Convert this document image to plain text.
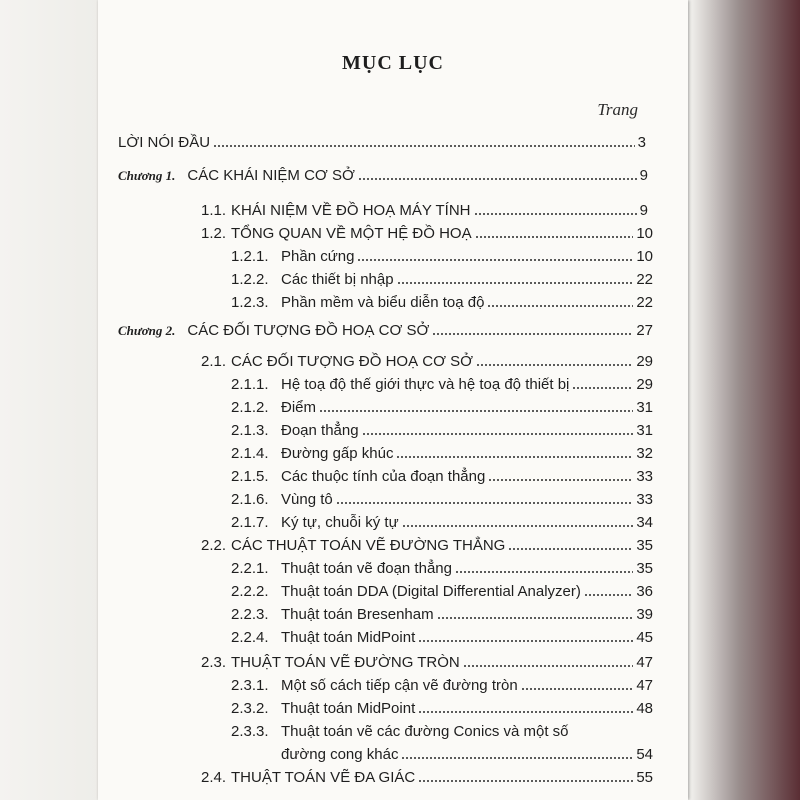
MỤC LỤC
Trang
LỜI NÓI ĐẦU	3
Chương 1. CÁC KHÁI NIỆM CƠ SỞ	9
1.1. KHÁI NIỆM VỀ ĐỒ HOẠ MÁY TÍNH	9
1.2. TỔNG QUAN VỀ MỘT HỆ ĐỒ HOẠ	10
1.2.1. Phần cứng	10
1.2.2. Các thiết bị nhập	22
1.2.3. Phần mềm và biểu diễn toạ độ	22
Chương 2. CÁC ĐỐI TƯỢNG ĐỒ HOẠ CƠ SỞ	27
2.1. CÁC ĐỐI TƯỢNG ĐỒ HOẠ CƠ SỞ	29
2.1.1. Hệ toạ độ thế giới thực và hệ toạ độ thiết bị	29
2.1.2. Điểm	31
2.1.3. Đoạn thẳng	31
2.1.4. Đường gấp khúc	32
2.1.5. Các thuộc tính của đoạn thẳng	33
2.1.6. Vùng tô	33
2.1.7. Ký tự, chuỗi ký tự	34
2.2. CÁC THUẬT TOÁN VẼ ĐƯỜNG THẲNG	35
2.2.1. Thuật toán vẽ đoạn thẳng	35
2.2.2. Thuật toán DDA (Digital Differential Analyzer)	36
2.2.3. Thuật toán Bresenham	39
2.2.4. Thuật toán MidPoint	45
2.3. THUẬT TOÁN VẼ ĐƯỜNG TRÒN	47
2.3.1. Một số cách tiếp cận vẽ đường tròn	47
2.3.2. Thuật toán MidPoint	48
2.3.3. Thuật toán vẽ các đường Conics và một số
đường cong khác	54
2.4. THUẬT TOÁN VẼ ĐA GIÁC	55
